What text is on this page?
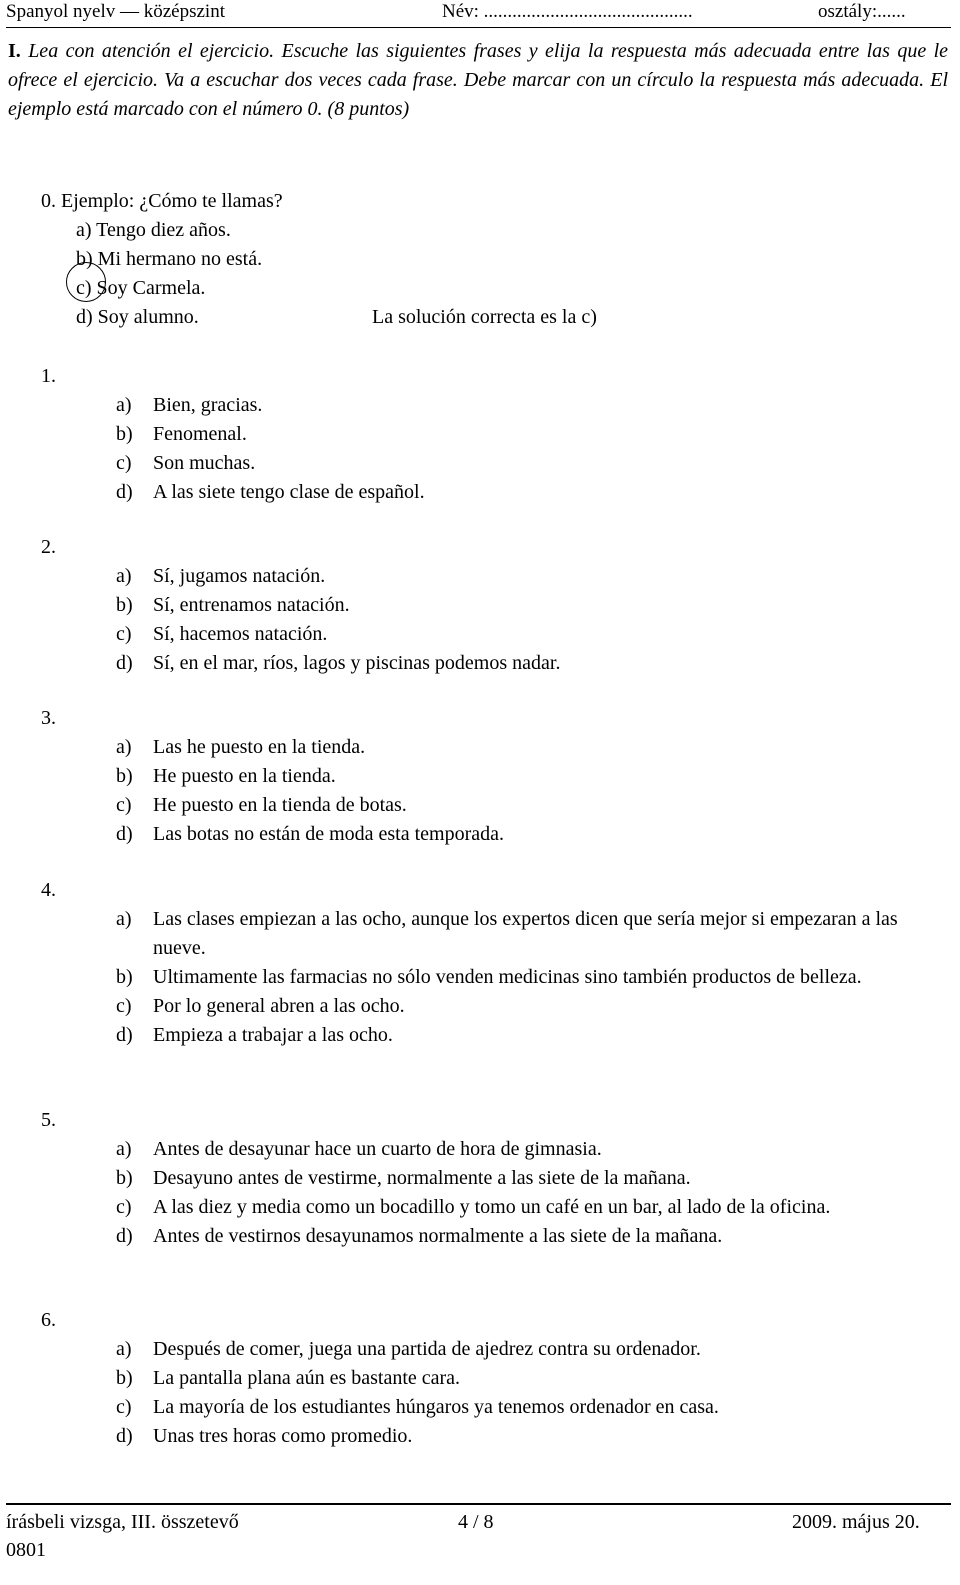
Spanyol nyelv — középszint	Név: ............................................	osztály:......
I. Lea con atención el ejercicio. Escuche las siguientes frases y elija la respuesta más adecuada entre las que le ofrece el ejercicio. Va a escuchar dos veces cada frase. Debe marcar con un círculo la respuesta más adecuada. El ejemplo está marcado con el número 0. (8 puntos)
0. Ejemplo: ¿Cómo te llamas?
a) Tengo diez años.
b) Mi hermano no está.
c) Soy Carmela.
d) Soy alumno.	La solución correcta es la c)
1.
a)	Bien, gracias.
b)	Fenomenal.
c)	Son muchas.
d)	A las siete tengo clase de español.
2.
a)	Sí, jugamos natación.
b)	Sí, entrenamos natación.
c)	Sí, hacemos natación.
d)	Sí, en el mar, ríos, lagos y piscinas podemos nadar.
3.
a)	Las he puesto en la tienda.
b)	He puesto en la tienda.
c)	He puesto en la tienda de botas.
d)	Las botas no están de moda esta temporada.
4.
a)	Las clases empiezan a las ocho, aunque los expertos dicen que sería mejor si empezaran a las nueve.
b)	Ultimamente las farmacias no sólo venden medicinas sino también productos de belleza.
c)	Por lo general abren a las ocho.
d)	Empieza a trabajar a las ocho.
5.
a)	Antes de desayunar hace un cuarto de hora de gimnasia.
b)	Desayuno antes de vestirme, normalmente a las siete de la mañana.
c)	A las diez y media como un bocadillo y tomo un café en un bar, al lado de la oficina.
d)	Antes de vestirnos desayunamos normalmente a las siete de la mañana.
6.
a)	Después de comer, juega una partida de ajedrez contra su ordenador.
b)	La pantalla plana aún es bastante cara.
c)	La mayoría de los estudiantes húngaros ya tenemos ordenador en casa.
d)	Unas tres horas como promedio.
írásbeli vizsga, III. összetevő	4 / 8	2009. május 20.
0801
